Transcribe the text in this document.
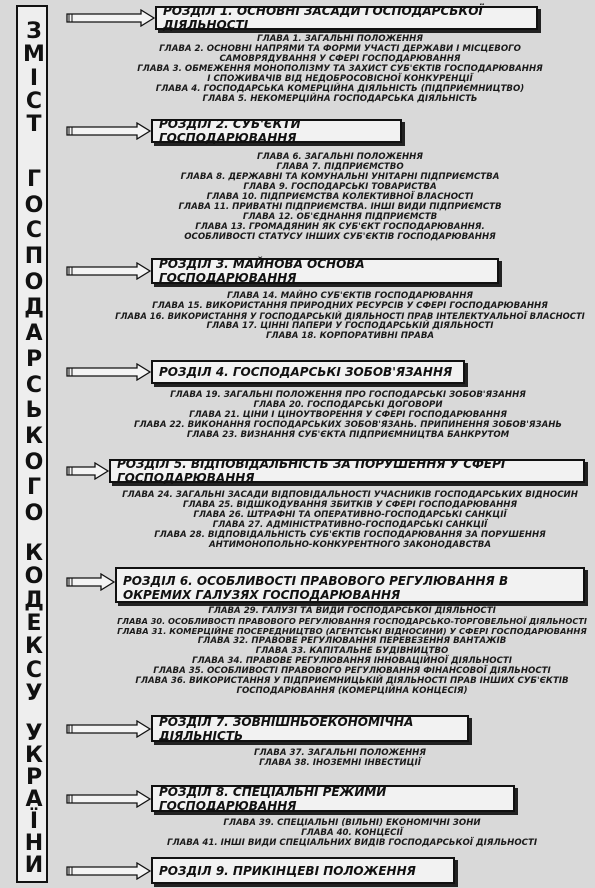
З
М
І
С
Т
Г
О
С
П
О
Д
А
Р
С
Ь
К
О
Г
О
К
О
Д
Е
К
С
У
У
К
Р
А
Ї
Н
И
РОЗДІЛ 1. ОСНОВНІ ЗАСАДИ ГОСПОДАРСЬКОЇ ДІЯЛЬНОСТІ
ГЛАВА 1. ЗАГАЛЬНІ ПОЛОЖЕННЯ
ГЛАВА 2. ОСНОВНІ НАПРЯМИ ТА ФОРМИ УЧАСТІ ДЕРЖАВИ І МІСЦЕВОГО
САМОВРЯДУВАННЯ У СФЕРІ ГОСПОДАРЮВАННЯ
ГЛАВА 3. ОБМЕЖЕННЯ МОНОПОЛІЗМУ ТА ЗАХИСТ СУБ'ЄКТІВ ГОСПОДАРЮВАННЯ
І СПОЖИВАЧІВ ВІД НЕДОБРОСОВІСНОЇ КОНКУРЕНЦІЇ
ГЛАВА 4. ГОСПОДАРСЬКА КОМЕРЦІЙНА ДІЯЛЬНІСТЬ (ПІДПРИЄМНИЦТВО)
ГЛАВА 5. НЕКОМЕРЦІЙНА ГОСПОДАРСЬКА ДІЯЛЬНІСТЬ
РОЗДІЛ 2. СУБ'ЄКТИ ГОСПОДАРЮВАННЯ
ГЛАВА 6. ЗАГАЛЬНІ ПОЛОЖЕННЯ
ГЛАВА 7. ПІДПРИЄМСТВО
ГЛАВА 8. ДЕРЖАВНІ ТА КОМУНАЛЬНІ УНІТАРНІ ПІДПРИЄМСТВА
ГЛАВА 9. ГОСПОДАРСЬКІ ТОВАРИСТВА
ГЛАВА 10. ПІДПРИЄМСТВА КОЛЕКТИВНОЇ ВЛАСНОСТІ
ГЛАВА 11. ПРИВАТНІ ПІДПРИЄМСТВА. ІНШІ ВИДИ ПІДПРИЄМСТВ
ГЛАВА 12. ОБ'ЄДНАННЯ ПІДПРИЄМСТВ
ГЛАВА 13. ГРОМАДЯНИН ЯК СУБ'ЄКТ ГОСПОДАРЮВАННЯ.
ОСОБЛИВОСТІ СТАТУСУ ІНШИХ СУБ'ЄКТІВ ГОСПОДАРЮВАННЯ
РОЗДІЛ 3. МАЙНОВА ОСНОВА ГОСПОДАРЮВАННЯ
ГЛАВА 14. МАЙНО СУБ'ЄКТІВ ГОСПОДАРЮВАННЯ
ГЛАВА 15. ВИКОРИСТАННЯ ПРИРОДНИХ РЕСУРСІВ У СФЕРІ ГОСПОДАРЮВАННЯ
ГЛАВА 16. ВИКОРИСТАННЯ У ГОСПОДАРСЬКІЙ ДІЯЛЬНОСТІ ПРАВ ІНТЕЛЕКТУАЛЬНОЇ ВЛАСНОСТІ
ГЛАВА 17. ЦІННІ ПАПЕРИ У ГОСПОДАРСЬКІЙ ДІЯЛЬНОСТІ
ГЛАВА 18. КОРПОРАТИВНІ ПРАВА
РОЗДІЛ 4. ГОСПОДАРСЬКІ ЗОБОВ'ЯЗАННЯ
ГЛАВА 19. ЗАГАЛЬНІ ПОЛОЖЕННЯ ПРО ГОСПОДАРСЬКІ ЗОБОВ'ЯЗАННЯ
ГЛАВА 20. ГОСПОДАРСЬКІ ДОГОВОРИ
ГЛАВА 21. ЦІНИ І ЦІНОУТВОРЕННЯ У СФЕРІ ГОСПОДАРЮВАННЯ
ГЛАВА 22. ВИКОНАННЯ ГОСПОДАРСЬКИХ ЗОБОВ'ЯЗАНЬ. ПРИПИНЕННЯ ЗОБОВ'ЯЗАНЬ
ГЛАВА 23. ВИЗНАННЯ СУБ'ЄКТА ПІДПРИЄМНИЦТВА БАНКРУТОМ
РОЗДІЛ 5. ВІДПОВІДАЛЬНІСТЬ ЗА ПОРУШЕННЯ У СФЕРІ ГОСПОДАРЮВАННЯ
ГЛАВА 24. ЗАГАЛЬНІ ЗАСАДИ ВІДПОВІДАЛЬНОСТІ УЧАСНИКІВ ГОСПОДАРСЬКИХ ВІДНОСИН
ГЛАВА 25. ВІДШКОДУВАННЯ ЗБИТКІВ У СФЕРІ ГОСПОДАРЮВАННЯ
ГЛАВА 26. ШТРАФНІ ТА ОПЕРАТИВНО-ГОСПОДАРСЬКІ САНКЦІЇ
ГЛАВА 27. АДМІНІСТРАТИВНО-ГОСПОДАРСЬКІ САНКЦІЇ
ГЛАВА 28. ВІДПОВІДАЛЬНІСТЬ СУБ'ЄКТІВ ГОСПОДАРЮВАННЯ ЗА ПОРУШЕННЯ
АНТИМОНОПОЛЬНО-КОНКУРЕНТНОГО ЗАКОНОДАВСТВА
РОЗДІЛ 6. ОСОБЛИВОСТІ ПРАВОВОГО РЕГУЛЮВАННЯ В ОКРЕМИХ ГАЛУЗЯХ ГОСПОДАРЮВАННЯ
ГЛАВА 29. ГАЛУЗІ ТА ВИДИ ГОСПОДАРСЬКОЇ ДІЯЛЬНОСТІ
ГЛАВА 30. ОСОБЛИВОСТІ ПРАВОВОГО РЕГУЛЮВАННЯ ГОСПОДАРСЬКО-ТОРГОВЕЛЬНОЇ ДІЯЛЬНОСТІ
ГЛАВА 31. КОМЕРЦІЙНЕ ПОСЕРЕДНИЦТВО (АГЕНТСЬКІ ВІДНОСИНИ) У СФЕРІ ГОСПОДАРЮВАННЯ
ГЛАВА 32. ПРАВОВЕ РЕГУЛЮВАННЯ ПЕРЕВЕЗЕННЯ ВАНТАЖІВ
ГЛАВА 33. КАПІТАЛЬНЕ БУДІВНИЦТВО
ГЛАВА 34. ПРАВОВЕ РЕГУЛЮВАННЯ ІННОВАЦІЙНОЇ ДІЯЛЬНОСТІ
ГЛАВА 35. ОСОБЛИВОСТІ ПРАВОВОГО РЕГУЛЮВАННЯ ФІНАНСОВОЇ ДІЯЛЬНОСТІ
ГЛАВА 36. ВИКОРИСТАННЯ У ПІДПРИЄМНИЦЬКІЙ ДІЯЛЬНОСТІ ПРАВ ІНШИХ СУБ'ЄКТІВ
ГОСПОДАРЮВАННЯ (КОМЕРЦІЙНА КОНЦЕСІЯ)
РОЗДІЛ 7. ЗОВНІШНЬОЕКОНОМІЧНА ДІЯЛЬНІСТЬ
ГЛАВА 37. ЗАГАЛЬНІ ПОЛОЖЕННЯ
ГЛАВА 38. ІНОЗЕМНІ ІНВЕСТИЦІЇ
РОЗДІЛ 8. СПЕЦІАЛЬНІ РЕЖИМИ ГОСПОДАРЮВАННЯ
ГЛАВА 39. СПЕЦІАЛЬНІ (ВІЛЬНІ) ЕКОНОМІЧНІ ЗОНИ
ГЛАВА 40. КОНЦЕСІЇ
ГЛАВА 41. ІНШІ ВИДИ СПЕЦІАЛЬНИХ ВИДІВ ГОСПОДАРСЬКОЇ ДІЯЛЬНОСТІ
РОЗДІЛ 9. ПРИКІНЦЕВІ ПОЛОЖЕННЯ
